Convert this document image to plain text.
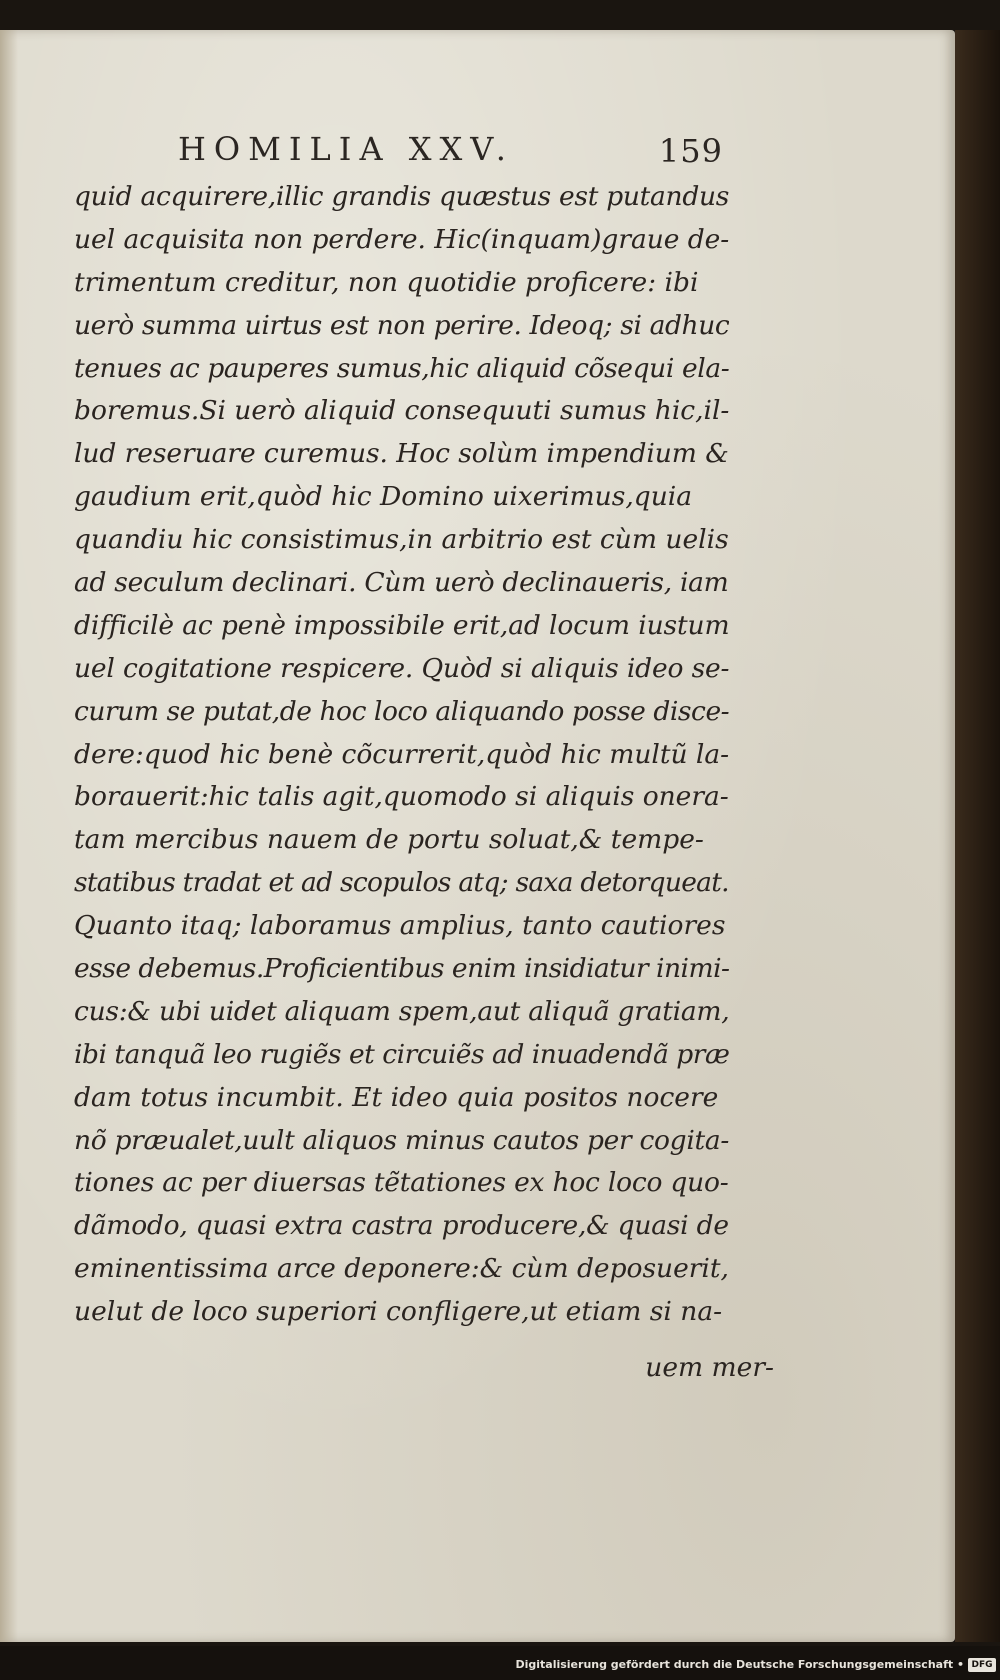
HOMILIA XXV.	159
quid acquirere,illic grandis quæstus est putandus
uel acquisita non perdere. Hic(inquam)graue de-
trimentum creditur, non quotidie proficere: ibi
uerò summa uirtus est non perire. Ideoq; si adhuc
tenues ac pauperes sumus,hic aliquid cõsequi ela-
boremus.Si uerò aliquid consequuti sumus hic,il-
lud reseruare curemus. Hoc solùm impendium &
gaudium erit,quòd hic Domino uixerimus,quia
quandiu hic consistimus,in arbitrio est cùm uelis
ad seculum declinari. Cùm uerò declinaueris, iam
difficilè ac penè impossibile erit,ad locum iustum
uel cogitatione respicere. Quòd si aliquis ideo se-
curum se putat,de hoc loco aliquando posse disce-
dere:quod hic benè cõcurrerit,quòd hic multũ la-
borauerit:hic talis agit,quomodo si aliquis onera-
tam mercibus nauem de portu soluat,& tempe-
statibus tradat et ad scopulos atq; saxa detorqueat.
Quanto itaq; laboramus amplius, tanto cautiores
esse debemus.Proficientibus enim insidiatur inimi-
cus:& ubi uidet aliquam spem,aut aliquã gratiam,
ibi tanquã leo rugiẽs et circuiẽs ad inuadendã præ
dam totus incumbit. Et ideo quia positos nocere
nõ præualet,uult aliquos minus cautos per cogita-
tiones ac per diuersas tẽtationes ex hoc loco quo-
dãmodo, quasi extra castra producere,& quasi de
eminentissima arce deponere:& cùm deposuerit,
uelut de loco superiori confligere,ut etiam si na-
uem mer-
Digitalisierung gefördert durch die Deutsche Forschungsgemeinschaft • DFG
